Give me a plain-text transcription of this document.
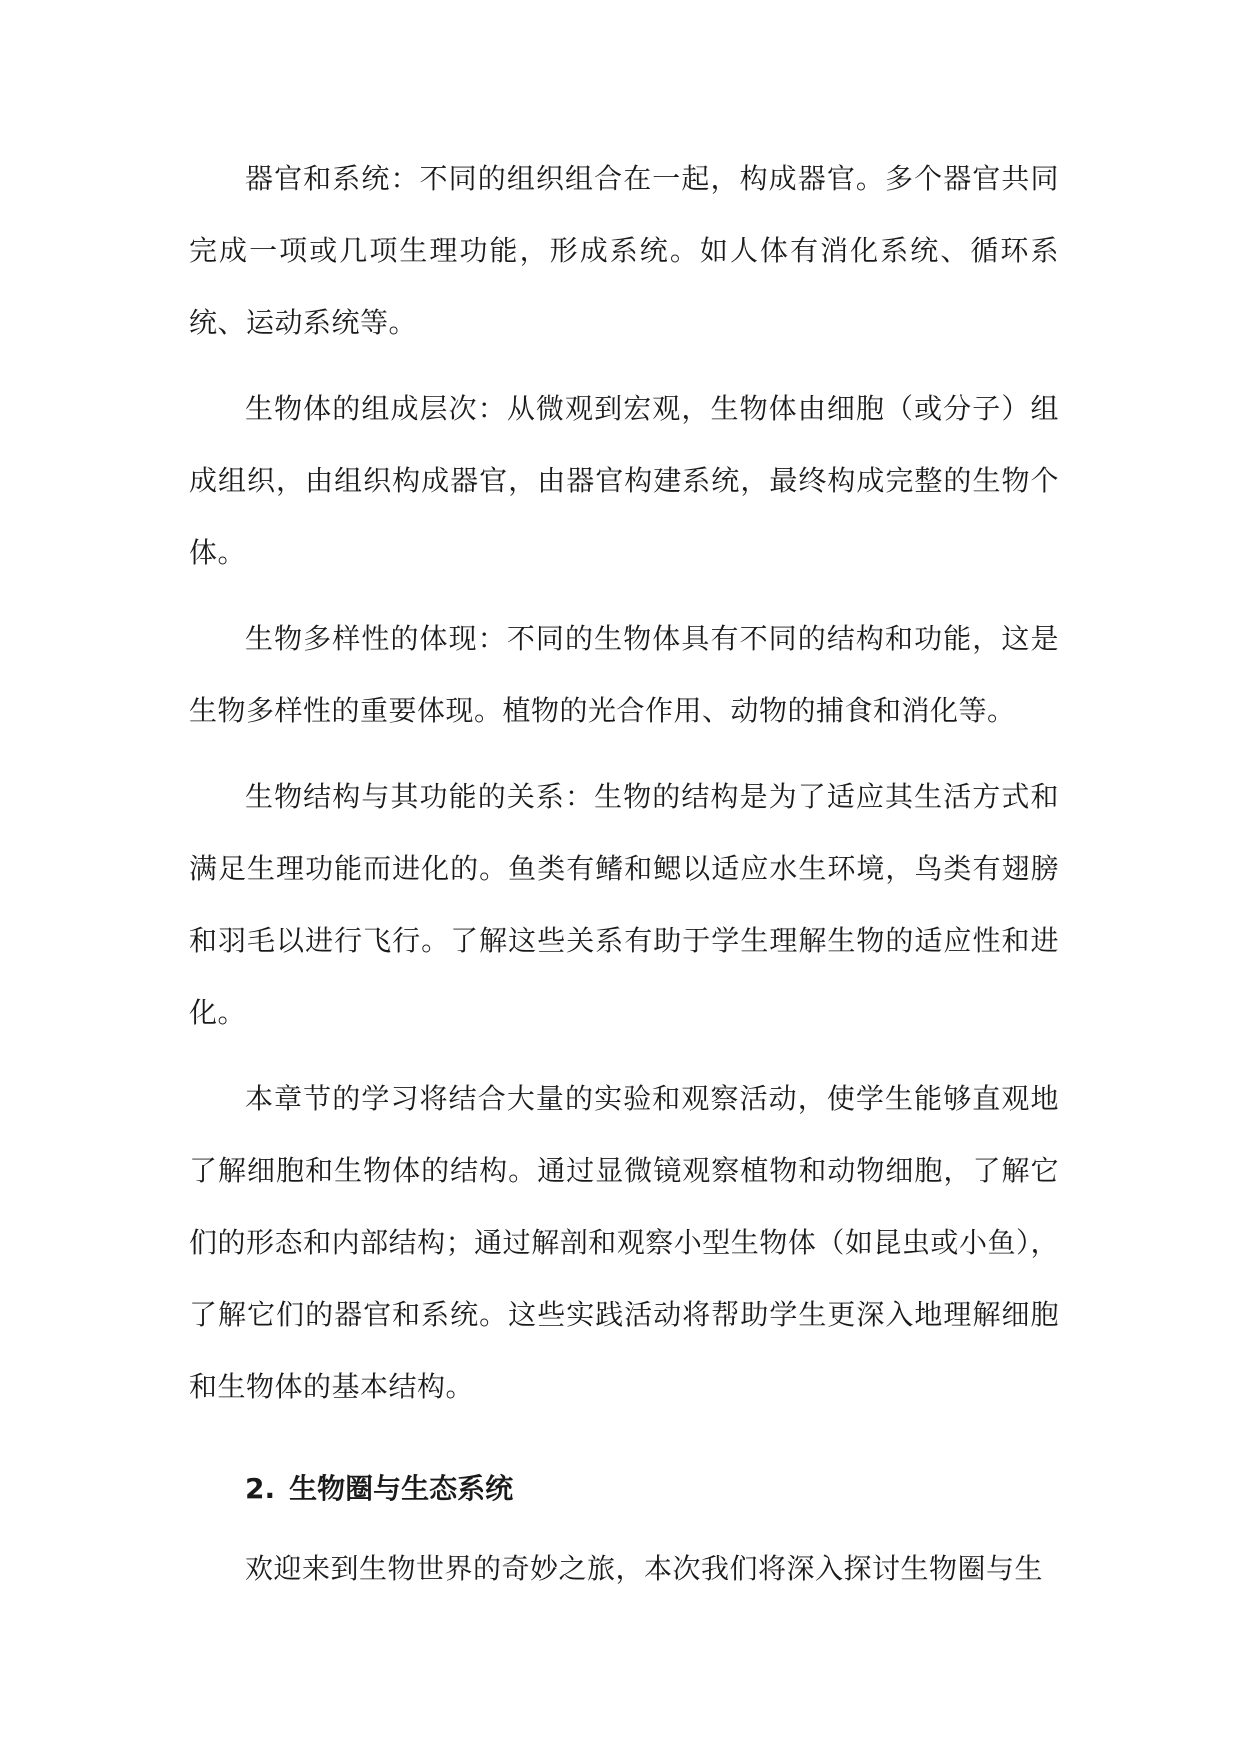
器官和系统：不同的组织组合在一起，构成器官。多个器官共同完成一项或几项生理功能，形成系统。如人体有消化系统、循环系统、运动系统等。

生物体的组成层次：从微观到宏观，生物体由细胞（或分子）组成组织，由组织构成器官，由器官构建系统，最终构成完整的生物个体。

生物多样性的体现：不同的生物体具有不同的结构和功能，这是生物多样性的重要体现。植物的光合作用、动物的捕食和消化等。

生物结构与其功能的关系：生物的结构是为了适应其生活方式和满足生理功能而进化的。鱼类有鳍和鳃以适应水生环境，鸟类有翅膀和羽毛以进行飞行。了解这些关系有助于学生理解生物的适应性和进化。

本章节的学习将结合大量的实验和观察活动，使学生能够直观地了解细胞和生物体的结构。通过显微镜观察植物和动物细胞，了解它们的形态和内部结构；通过解剖和观察小型生物体（如昆虫或小鱼），了解它们的器官和系统。这些实践活动将帮助学生更深入地理解细胞和生物体的基本结构。

2. 生物圈与生态系统

欢迎来到生物世界的奇妙之旅，本次我们将深入探讨生物圈与生
